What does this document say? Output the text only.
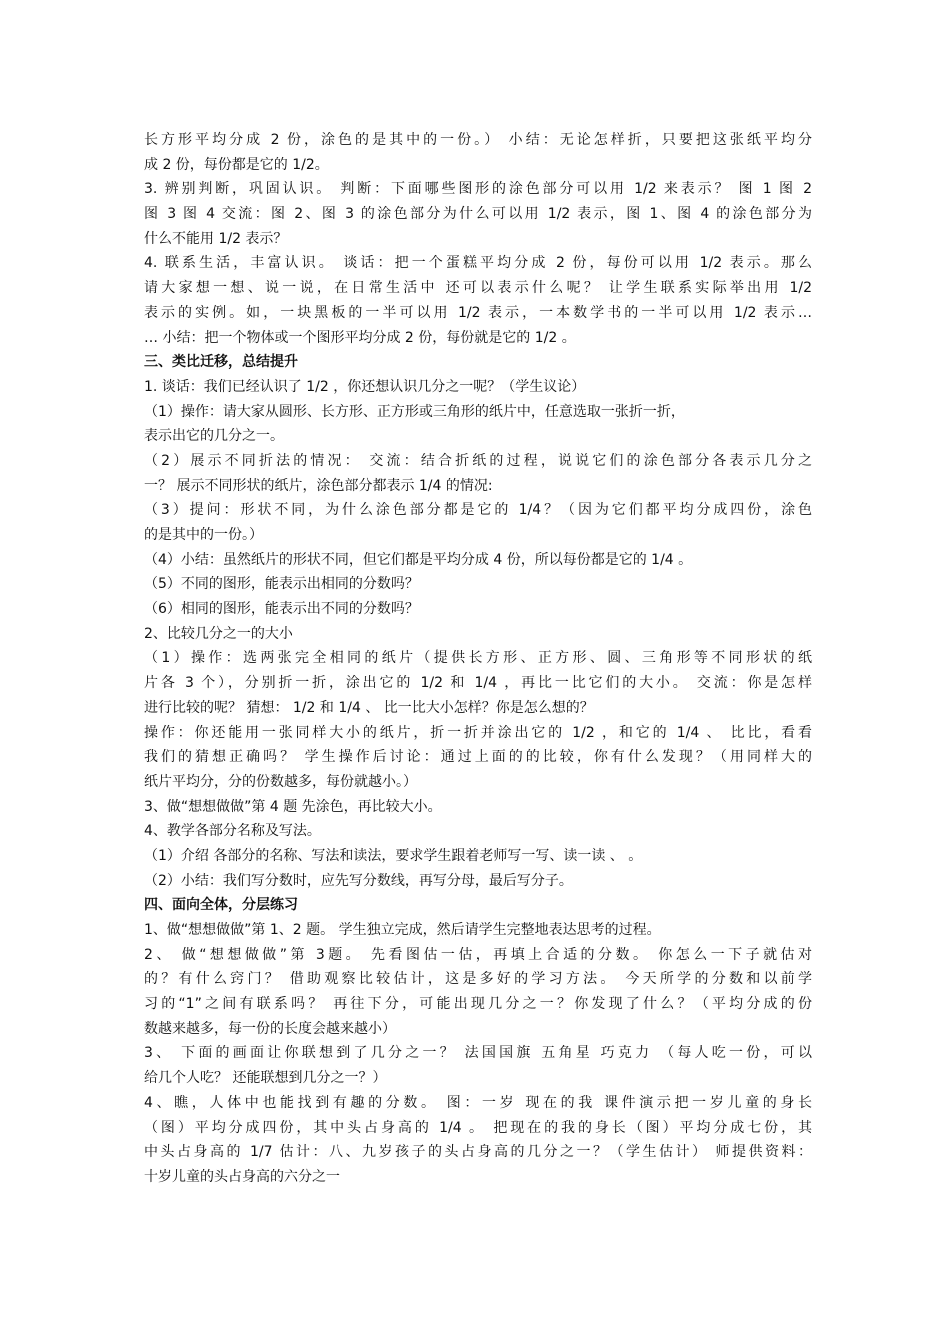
长方形平均分成 2 份，涂色的是其中的一份。） 小结：无论怎样折，只要把这张纸平均分
成 2 份，每份都是它的 1/2。
3. 辨别判断，巩固认识。 判断：下面哪些图形的涂色部分可以用 1/2 来表示？ 图 1 图 2
图 3 图 4 交流：图 2、图 3 的涂色部分为什么可以用 1/2 表示，图 1、图 4 的涂色部分为
什么不能用 1/2 表示？
4. 联系生活，丰富认识。 谈话：把一个蛋糕平均分成 2 份，每份可以用 1/2 表示。那么
请大家想一想、说一说，在日常生活中 还可以表示什么呢？ 让学生联系实际举出用 1/2
表示的实例。如，一块黑板的一半可以用 1/2 表示，一本数学书的一半可以用 1/2 表示…
… 小结：把一个物体或一个图形平均分成 2 份，每份就是它的 1/2 。
三、类比迁移，总结提升
1. 谈话：我们已经认识了 1/2 ，你还想认识几分之一呢？（学生议论）
（1）操作：请大家从圆形、长方形、正方形或三角形的纸片中，任意选取一张折一折，
表示出它的几分之一。
（2）展示不同折法的情况： 交流：结合折纸的过程，说说它们的涂色部分各表示几分之
一？ 展示不同形状的纸片，涂色部分都表示 1/4 的情况:
（3）提问：形状不同，为什么涂色部分都是它的 1/4？（因为它们都平均分成四份，涂色
的是其中的一份。）
（4）小结：虽然纸片的形状不同，但它们都是平均分成 4 份，所以每份都是它的 1/4 。
（5）不同的图形，能表示出相同的分数吗？
（6）相同的图形，能表示出不同的分数吗？
2、比较几分之一的大小
（1）操作：选两张完全相同的纸片（提供长方形、正方形、圆、三角形等不同形状的纸
片各 3 个），分别折一折，涂出它的 1/2 和 1/4 ，再比一比它们的大小。 交流：你是怎样
进行比较的呢？ 猜想： 1/2 和 1/4 、 比一比大小怎样？你是怎么想的？
操作：你还能用一张同样大小的纸片，折一折并涂出它的 1/2 ，和它的 1/4 、 比比，看看
我们的猜想正确吗？ 学生操作后讨论：通过上面的的比较，你有什么发现？（用同样大的
纸片平均分，分的份数越多，每份就越小。）
3、做“想想做做”第 4 题 先涂色，再比较大小。
4、教学各部分名称及写法。
（1）介绍 各部分的名称、写法和读法，要求学生跟着老师写一写、读一读 、 。
（2）小结：我们写分数时，应先写分数线，再写分母，最后写分子。
四、面向全体，分层练习
1、做“想想做做”第 1、2 题。 学生独立完成，然后请学生完整地表达思考的过程。
2、 做“想想做做”第 3题。 先看图估一估，再填上合适的分数。 你怎么一下子就估对
的？有什么窍门？ 借助观察比较估计，这是多好的学习方法。 今天所学的分数和以前学
习的“1”之间有联系吗？ 再往下分，可能出现几分之一？你发现了什么？（平均分成的份
数越来越多，每一份的长度会越来越小）
3、 下面的画面让你联想到了几分之一？ 法国国旗 五角星 巧克力 （每人吃一份，可以
给几个人吃？ 还能联想到几分之一？）
4、瞧，人体中也能找到有趣的分数。 图：一岁 现在的我 课件演示把一岁儿童的身长
（图）平均分成四份，其中头占身高的 1/4 。 把现在的我的身长（图）平均分成七份，其
中头占身高的 1/7 估计：八、九岁孩子的头占身高的几分之一？（学生估计） 师提供资料：
十岁儿童的头占身高的六分之一
